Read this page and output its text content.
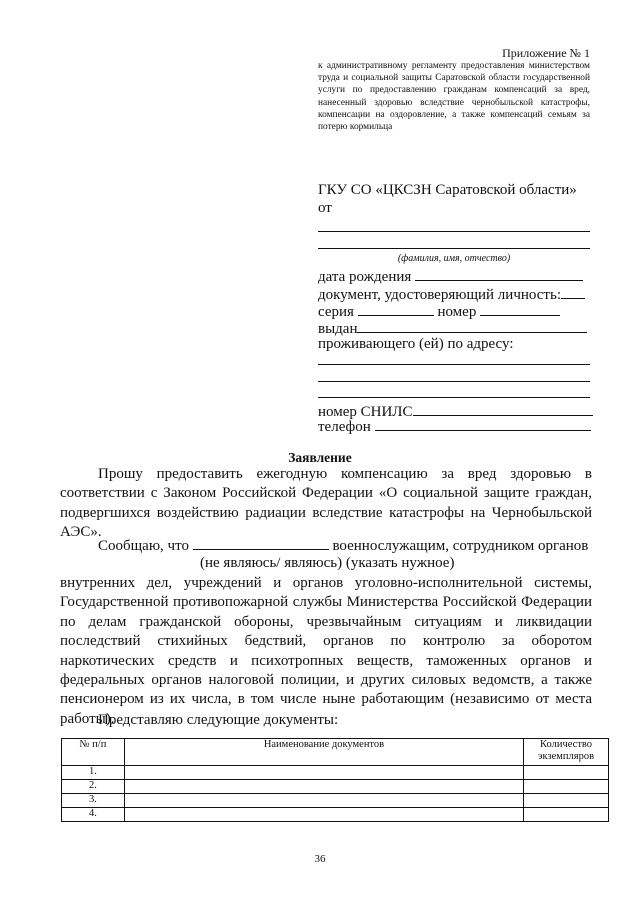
Приложение № 1
к административному регламенту предоставления министерством труда и социальной защиты Саратовской области государственной услуги по предоставлению гражданам компенсаций за вред, нанесенный здоровью вследствие чернобыльской катастрофы, компенсации на оздоровление, а также компенсаций семьям за потерю кормильца
ГКУ СО «ЦКСЗН Саратовской области»
от
(фамилия, имя, отчество)
дата рождения
документ, удостоверяющий личность:
серия	номер
выдан
проживающего (ей) по адресу:
номер СНИЛС
телефон
Заявление
Прошу предоставить ежегодную компенсацию за вред здоровью в соответствии с Законом Российской Федерации «О социальной защите граждан, подвергшихся воздействию радиации вследствие катастрофы на Чернобыльской АЭС».
Сообщаю, что	военнослужащим, сотрудником органов
(не являюсь/ являюсь) (указать нужное)
внутренних дел, учреждений и органов уголовно-исполнительной системы, Государственной противопожарной службы Министерства Российской Федерации по делам гражданской обороны, чрезвычайным ситуациям и ликвидации последствий стихийных бедствий, органов по контролю за оборотом наркотических средств и психотропных веществ, таможенных органов и федеральных органов налоговой полиции, и других силовых ведомств, а также пенсионером из их числа, в том числе ныне работающим (независимо от места работы).
Представляю следующие документы:
№ п/п	Наименование документов	Количество экземпляров
1.		
2.		
3.		
4.		
36
